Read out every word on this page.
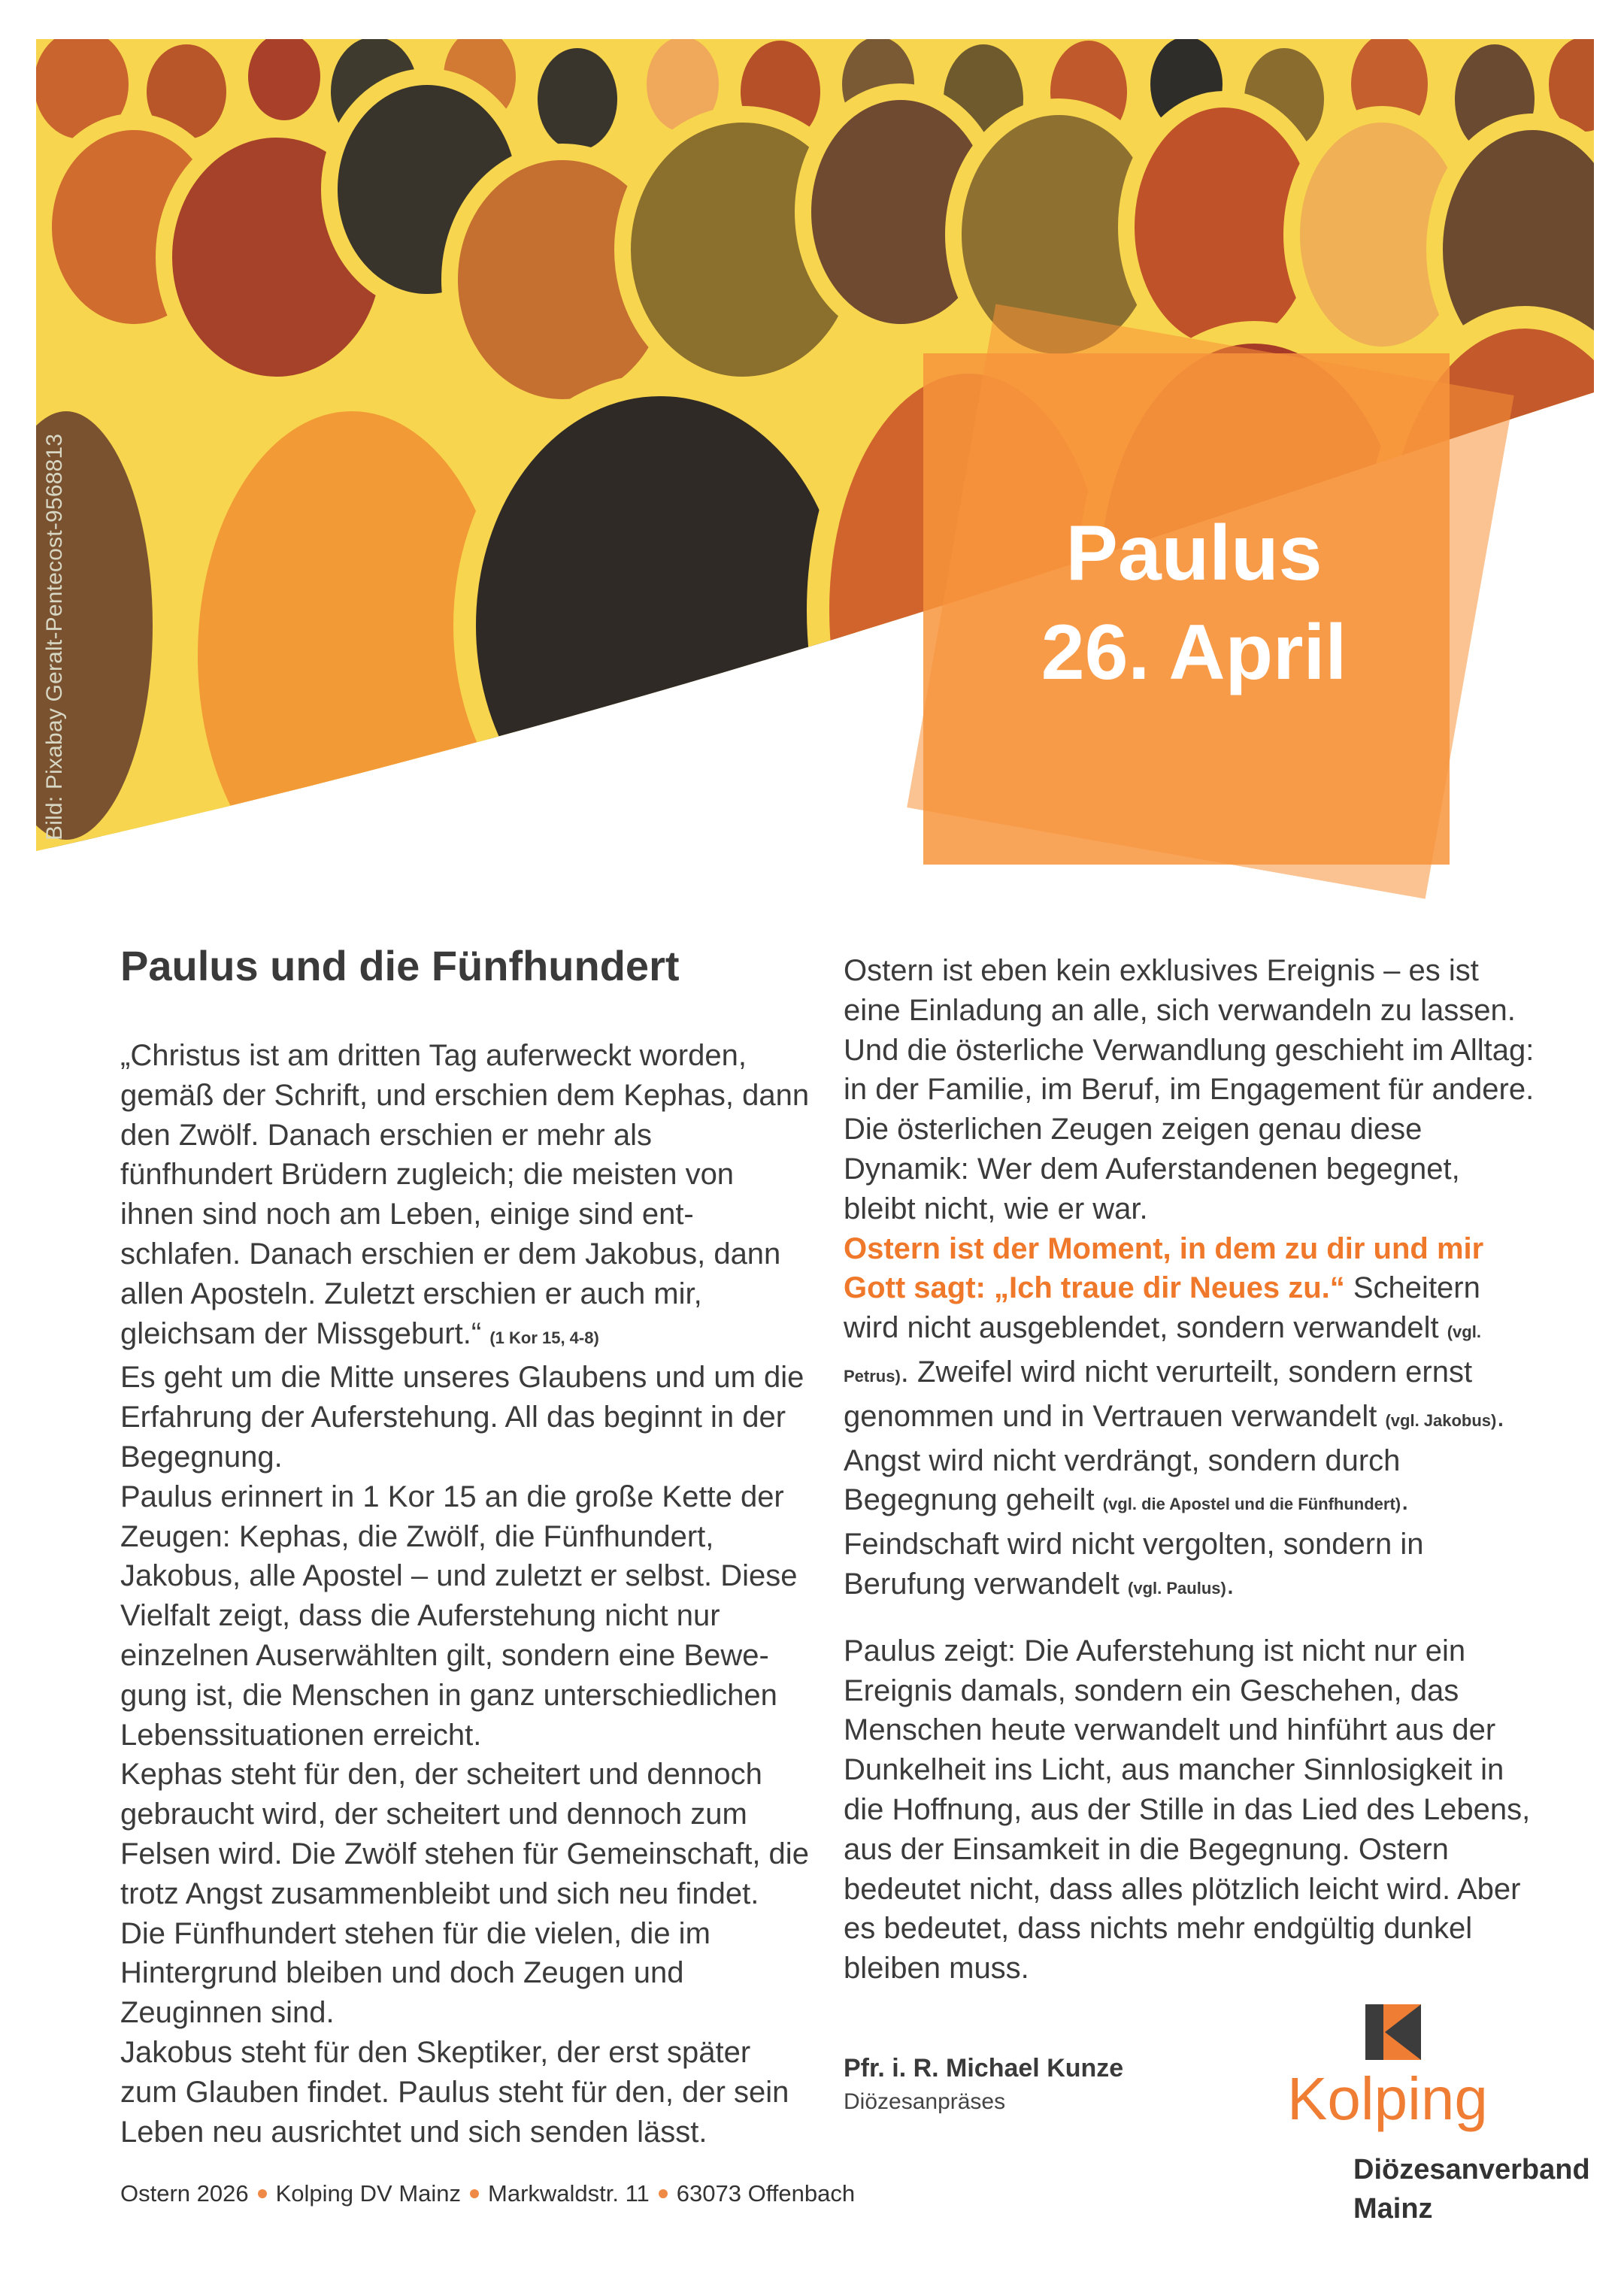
Bild: Pixabay Geralt-Pentecost-9568813	Paulus
26. April
Paulus und die Fünfhundert

„Christus ist am dritten Tag auferweckt worden, gemäß der Schrift, und erschien dem Kephas, dann den Zwölf. Danach erschien er mehr als fünfhundert Brüdern zugleich; die meisten von ihnen sind noch am Leben, einige sind ent-schlafen. Danach erschien er dem Jakobus, dann allen Aposteln. Zuletzt erschien er auch mir, gleichsam der Missgeburt.“ (1 Kor 15, 4-8)

Es geht um die Mitte unseres Glaubens und um die Erfahrung der Auferstehung. All das beginnt in der Begegnung.

Paulus erinnert in 1 Kor 15 an die große Kette der Zeugen: Kephas, die Zwölf, die Fünfhundert, Jakobus, alle Apostel – und zuletzt er selbst. Diese Vielfalt zeigt, dass die Auferstehung nicht nur einzelnen Auserwählten gilt, sondern eine Bewe-gung ist, die Menschen in ganz unterschiedlichen Lebenssituationen erreicht.

Kephas steht für den, der scheitert und dennoch gebraucht wird, der scheitert und dennoch zum Felsen wird. Die Zwölf stehen für Gemeinschaft, die trotz Angst zusammenbleibt und sich neu findet. Die Fünfhundert stehen für die vielen, die im Hintergrund bleiben und doch Zeugen und Zeuginnen sind.

Jakobus steht für den Skeptiker, der erst später zum Glauben findet. Paulus steht für den, der sein Leben neu ausrichtet und sich senden lässt.

Ostern ist eben kein exklusives Ereignis – es ist eine Einladung an alle, sich verwandeln zu lassen. Und die österliche Verwandlung geschieht im Alltag: in der Familie, im Beruf, im Engagement für andere.

Die österlichen Zeugen zeigen genau diese Dynamik: Wer dem Auferstandenen begegnet, bleibt nicht, wie er war.

Ostern ist der Moment, in dem zu dir und mir Gott sagt: „Ich traue dir Neues zu.“ Scheitern wird nicht ausgeblendet, sondern verwandelt (vgl. Petrus). Zweifel wird nicht verurteilt, sondern ernst genommen und in Vertrauen verwandelt (vgl. Jakobus). Angst wird nicht verdrängt, sondern durch Begegnung geheilt (vgl. die Apostel und die Fünfhundert). Feindschaft wird nicht vergolten, sondern in Berufung verwandelt (vgl. Paulus).

Paulus zeigt: Die Auferstehung ist nicht nur ein Ereignis damals, sondern ein Geschehen, das Menschen heute verwandelt und hinführt aus der Dunkelheit ins Licht, aus mancher Sinnlosigkeit in die Hoffnung, aus der Stille in das Lied des Lebens, aus der Einsamkeit in die Begegnung. Ostern bedeutet nicht, dass alles plötzlich leicht wird. Aber es bedeutet, dass nichts mehr endgültig dunkel bleiben muss.

Pfr. i. R. Michael Kunze
Diözesanpräses	Kolping
Diözesanverband
Mainz
Ostern 2026 Kolping DV Mainz Markwaldstr. 11 63073 Offenbach
